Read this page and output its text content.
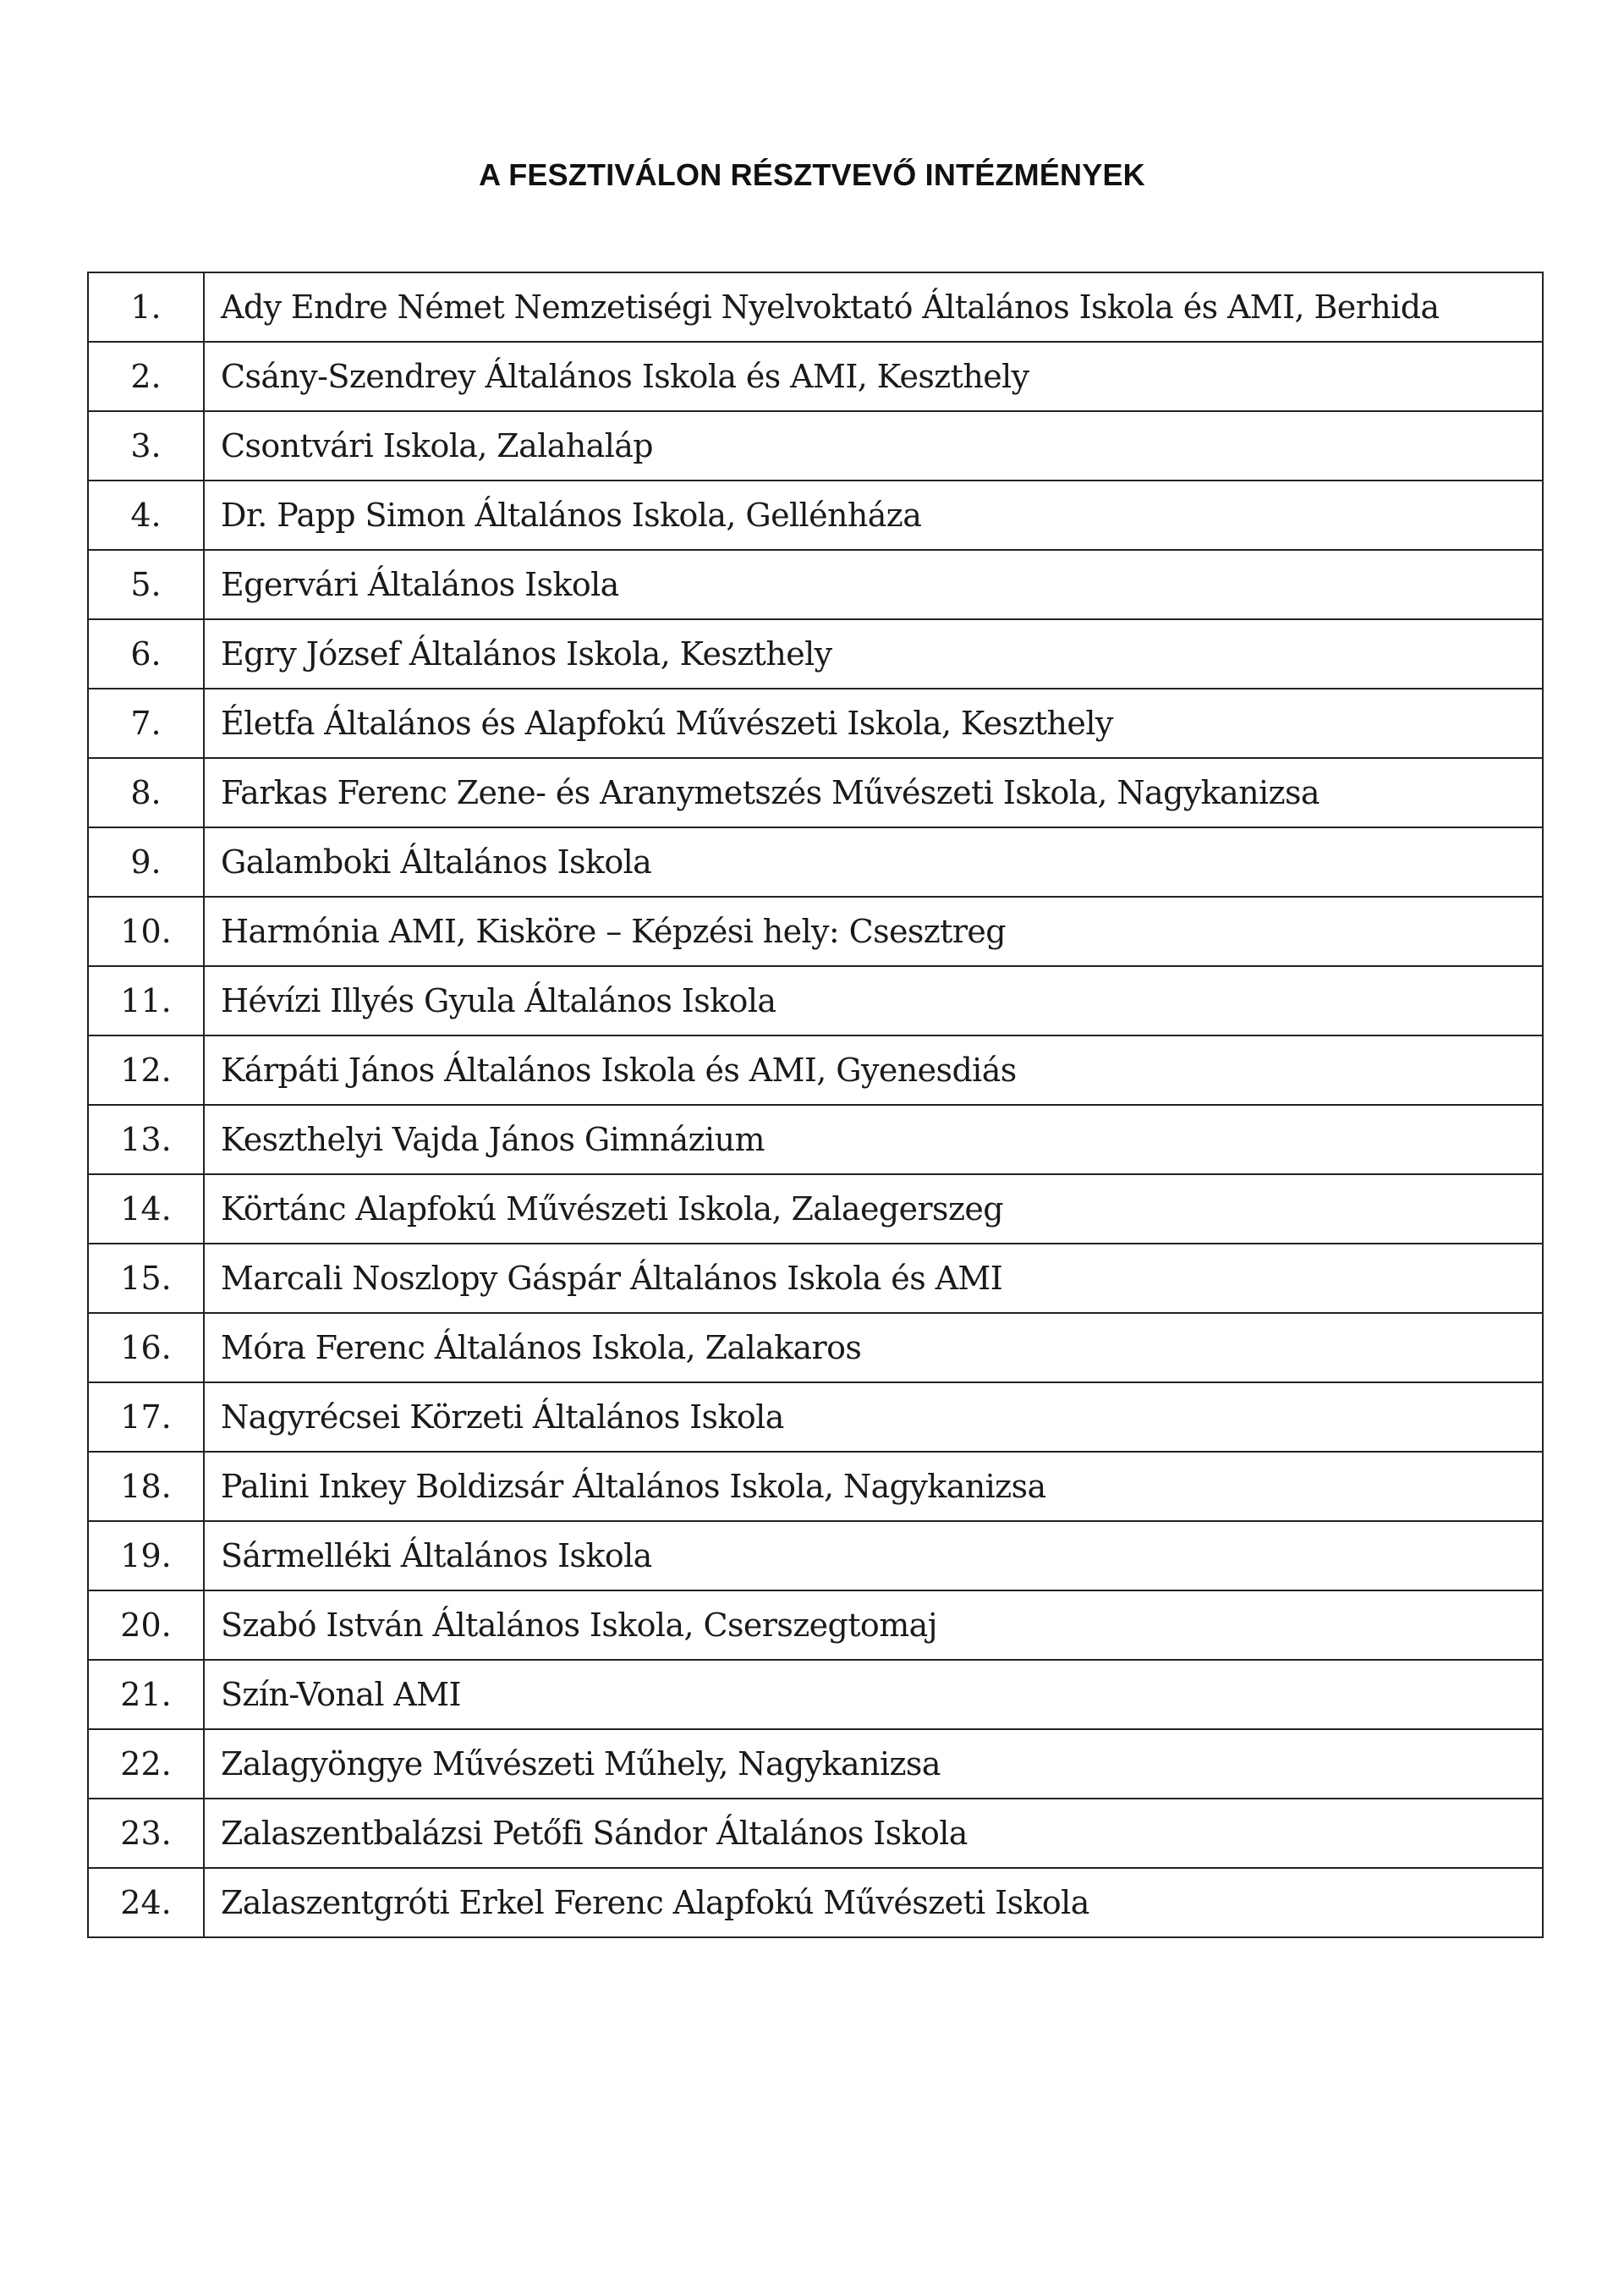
A FESZTIVÁLON RÉSZTVEVŐ INTÉZMÉNYEK
1.	Ady Endre Német Nemzetiségi Nyelvoktató Általános Iskola és AMI, Berhida
2.	Csány-Szendrey Általános Iskola és AMI, Keszthely
3.	Csontvári Iskola, Zalahaláp
4.	Dr. Papp Simon Általános Iskola, Gellénháza
5.	Egervári Általános Iskola
6.	Egry József Általános Iskola, Keszthely
7.	Életfa Általános és Alapfokú Művészeti Iskola, Keszthely
8.	Farkas Ferenc Zene- és Aranymetszés Művészeti Iskola, Nagykanizsa
9.	Galamboki Általános Iskola
10.	Harmónia AMI, Kisköre – Képzési hely: Csesztreg
11.	Hévízi Illyés Gyula Általános Iskola
12.	Kárpáti János Általános Iskola és AMI, Gyenesdiás
13.	Keszthelyi Vajda János Gimnázium
14.	Körtánc Alapfokú Művészeti Iskola, Zalaegerszeg
15.	Marcali Noszlopy Gáspár Általános Iskola és AMI
16.	Móra Ferenc Általános Iskola, Zalakaros
17.	Nagyrécsei Körzeti Általános Iskola
18.	Palini Inkey Boldizsár Általános Iskola, Nagykanizsa
19.	Sármelléki Általános Iskola
20.	Szabó István Általános Iskola, Cserszegtomaj
21.	Szín-Vonal AMI
22.	Zalagyöngye Művészeti Műhely, Nagykanizsa
23.	Zalaszentbalázsi Petőfi Sándor Általános Iskola
24.	Zalaszentgróti Erkel Ferenc Alapfokú Művészeti Iskola
